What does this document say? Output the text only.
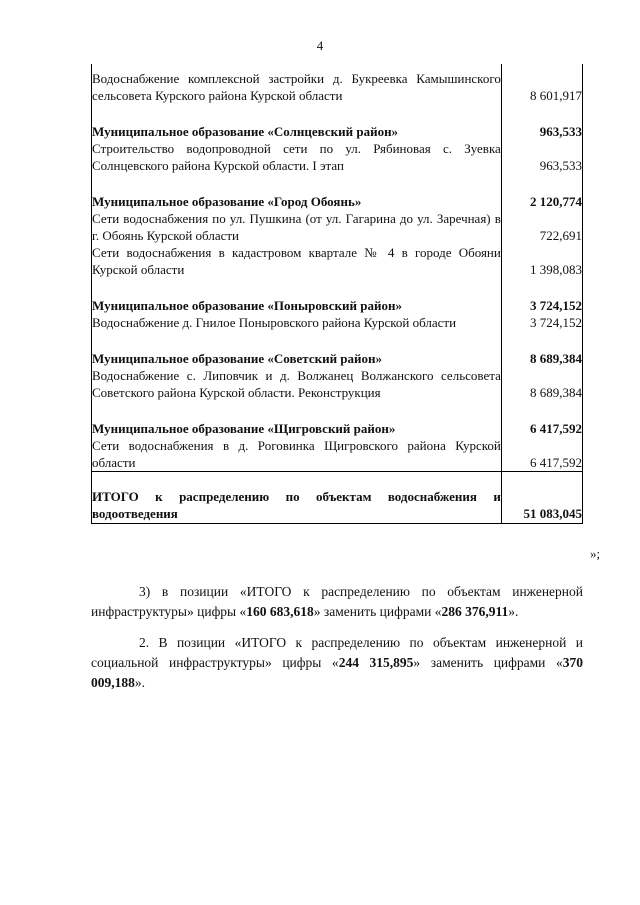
4
Водоснабжение комплексной застройки д. Букреевка Камышинского сельсовета Курского района Курской области	8 601,917
Муниципальное образование «Солнцевский район»	963,533
Строительство водопроводной сети по ул. Рябиновая с. Зуевка Солнцевского района Курской области. I этап	963,533
Муниципальное образование «Город Обоянь»	2 120,774
Сети водоснабжения по ул. Пушкина (от ул. Гагарина до ул. Заречная) в г. Обоянь Курской области	722,691
Сети водоснабжения в кадастровом квартале № 4 в городе Обояни Курской области	1 398,083
Муниципальное образование «Поныровский район»	3 724,152
Водоснабжение д. Гнилое Поныровского района Курской области	3 724,152
Муниципальное образование «Советский район»	8 689,384
Водоснабжение с. Липовчик и д. Волжанец Волжанского сельсовета Советского района Курской области. Реконструкция	8 689,384
Муниципальное образование «Щигровский район»	6 417,592
Сети водоснабжения в д. Роговинка Щигровского района Курской области	6 417,592
ИТОГО к распределению по объектам водоснабжения и водоотведения	51 083,045
»;

3) в позиции «ИТОГО к распределению по объектам инженерной инфраструктуры» цифры «160 683,618» заменить цифрами «286 376,911».

2. В позиции «ИТОГО к распределению по объектам инженерной и социальной инфраструктуры» цифры «244 315,895» заменить цифрами «370 009,188».
